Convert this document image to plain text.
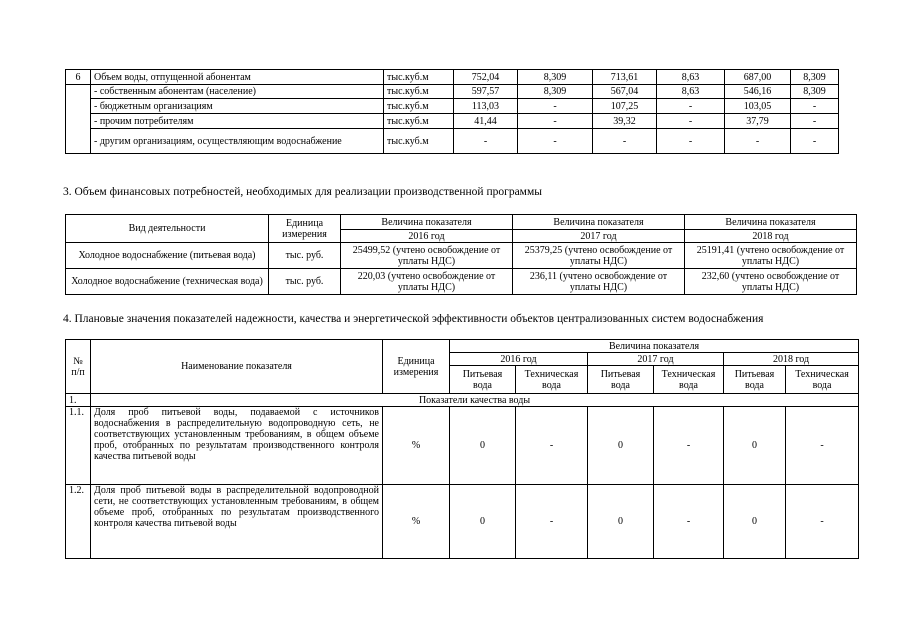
6	Объем воды, отпущенной абонентам	тыс.куб.м	752,04	8,309	713,61	8,63	687,00	8,309	
	- собственным абонентам (население)	тыс.куб.м	597,57	8,309	567,04	8,63	546,16	8,309	
	- бюджетным организациям	тыс.куб.м	113,03	-	107,25	-	103,05	-	
	- прочим потребителям	тыс.куб.м	41,44	-	39,32	-	37,79	-	
	- другим организациям, осуществляющим водоснабжение	тыс.куб.м	-	-	-	-	-	-	
3. Объем финансовых потребностей, необходимых для реализации производственной программы
Вид деятельности	Единица измерения	Величина показателя	Величина показателя	Величина показателя
		2016 год	2017 год	2018 год
Холодное водоснабжение (питьевая вода)	тыс. руб.	25499,52 (учтено освобождение от уплаты НДС)	25379,25 (учтено освобождение от уплаты НДС)	25191,41 (учтено освобождение от уплаты НДС)
Холодное водоснабжение (техническая вода)	тыс. руб.	220,03 (учтено освобождение от уплаты НДС)	236,11 (учтено освобождение от уплаты НДС)	232,60 (учтено освобождение от уплаты НДС)
4. Плановые значения показателей надежности, качества и энергетической эффективности объектов централизованных систем водоснабжения
№ п/п	Наименование показателя	Единица измерения	Величина показателя					
			2016 год		2017 год		2018 год	
			Питьевая вода	Техническая вода	Питьевая вода	Техническая вода	Питьевая вода	Техническая вода
1.	Показатели качества воды							
1.1.	Доля проб питьевой воды, подаваемой с источников водоснабжения в распределительную водопроводную сеть, не соответствующих установленным требованиям, в общем объеме проб, отобранных по результатам производственного контроля качества питьевой воды	%	0	-	0	-	0	-
1.2.	Доля проб питьевой воды в распределительной водопроводной сети, не соответствующих установленным требованиям, в общем объеме проб, отобранных по результатам производственного контроля качества питьевой воды	%	0	-	0	-	0	-
